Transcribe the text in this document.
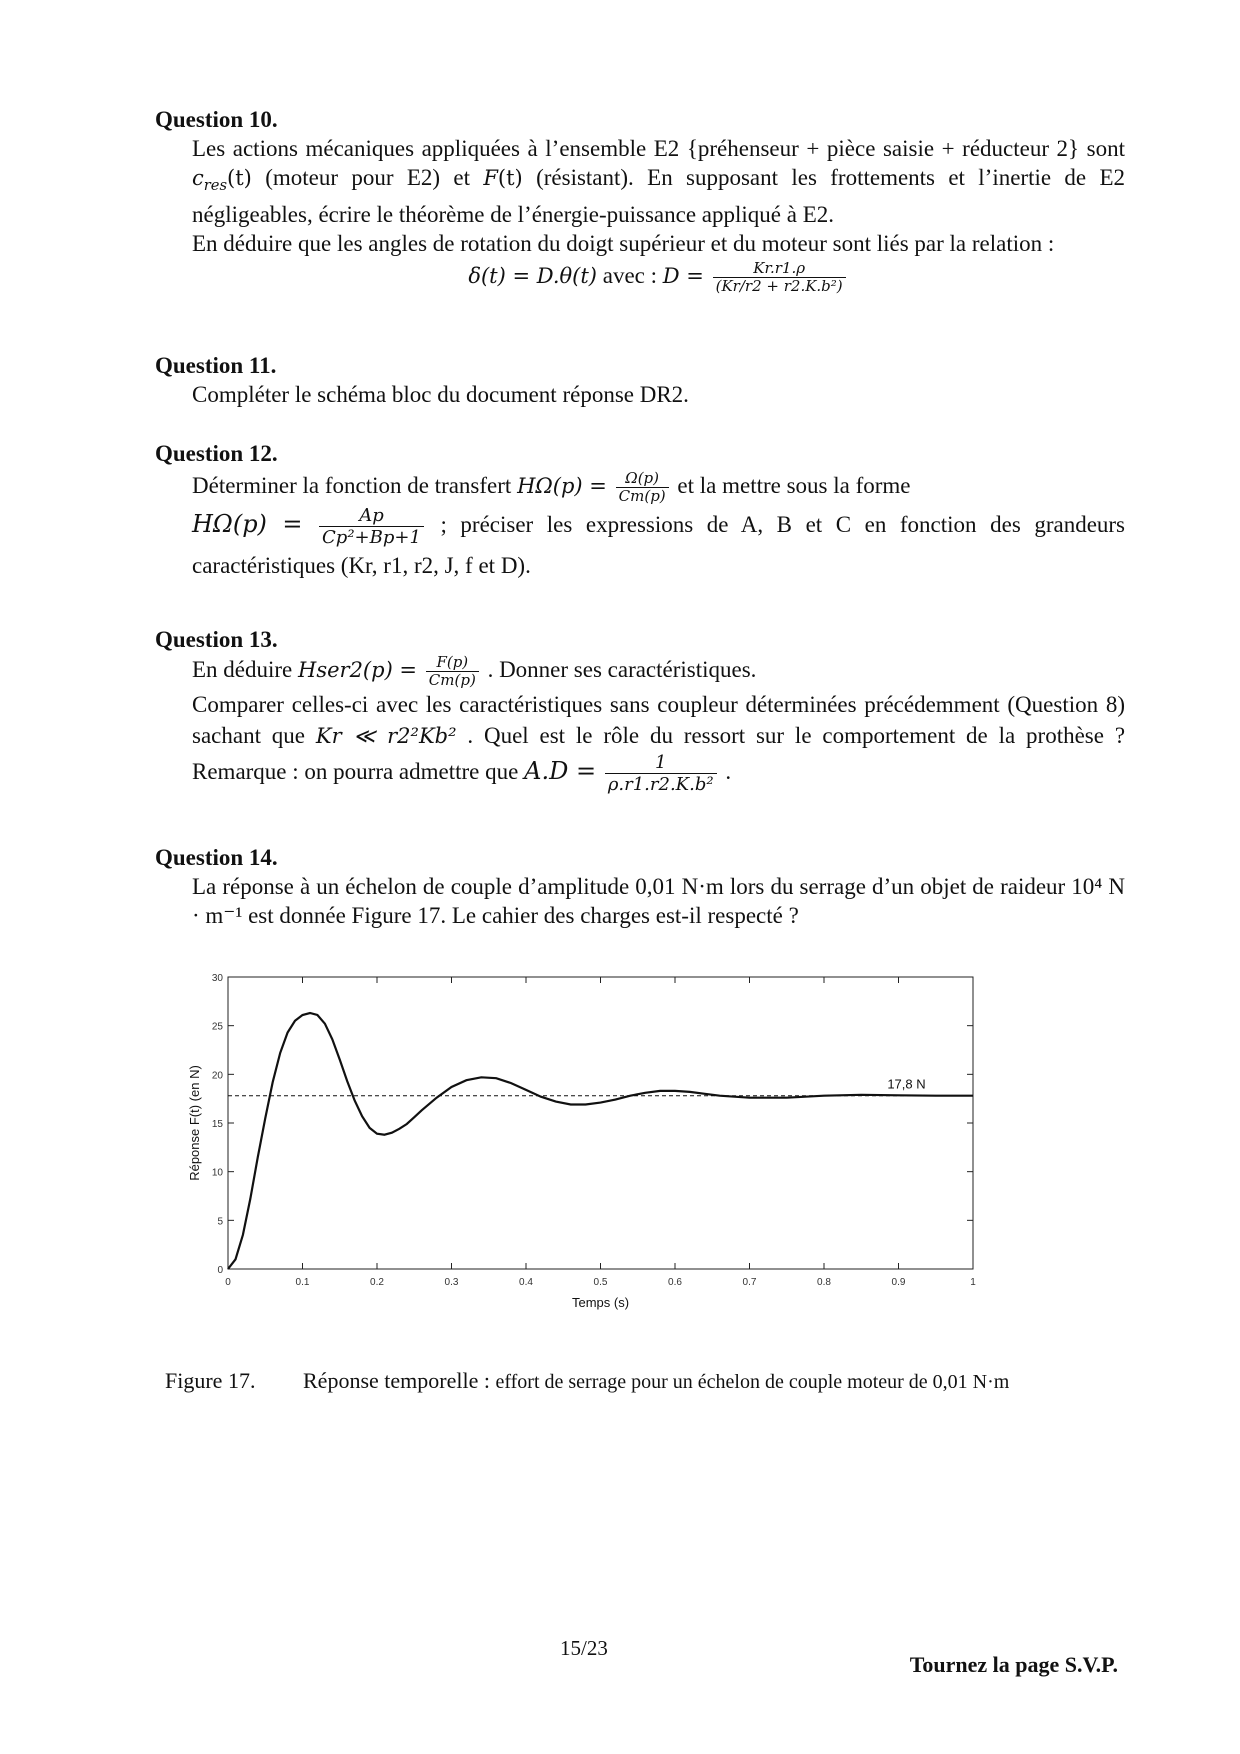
Question 10.

Les actions mécaniques appliquées à l’ensemble E2 {préhenseur + pièce saisie + réducteur 2} sont $c_{res}(t)$ (moteur pour E2) et F(t) (résistant). En supposant les frottements et l’inertie de E2 négligeables, écrire le théorème de l’énergie-puissance appliqué à E2.

En déduire que les angles de rotation du doigt supérieur et du moteur sont liés par la relation :

δ(t) = D.θ(t) avec : $D = \frac{Kr.r1.\rho}{\text{(Kr/r2 + r2.K.b²)}}$
Question 11.

Compléter le schéma bloc du document réponse DR2.

Question 12.

Déterminer la fonction de transfert $H\Omega(p) = \frac{\Omega(p)}{Cm(p)}$ et la mettre sous la forme

$H\Omega(p) = \frac{Ap}{\text{Cp²+Bp+1}}$ ; préciser les expressions de A, B et C en fonction des grandeurs caractéristiques (Kr, r1, r2, J, f et D).

Question 13.

En déduire Hser2(p) = $\frac{F(p)}{Cm(p)}$ . Donner ses caractéristiques.

Comparer celles-ci avec les caractéristiques sans coupleur déterminées précédemment (Question 8) sachant que Kr ≪ r2²Kb² . Quel est le rôle du ressort sur le comportement de la prothèse ? Remarque : on pourra admettre que $A.D = \frac{1}{\text{ρ.r1.r2.K.b²}}$ .

Question 14.

La réponse à un échelon de couple d’amplitude 0,01 N·m lors du serrage d’un objet de raideur 10⁴ N · m⁻¹ est donnée Figure 17. Le cahier des charges est-il respecté ?

0	0.1	0.2	0.3	0.4	0.5	0.6	0.7	0.8	0.9	1
0
5
10
15
20
25
30
17,8 N
Temps (s)
Réponse F(t) (en N)
Figure 17. Réponse temporelle : effort de serrage pour un échelon de couple moteur de 0,01 N·m
15/23
Tournez la page S.V.P.
